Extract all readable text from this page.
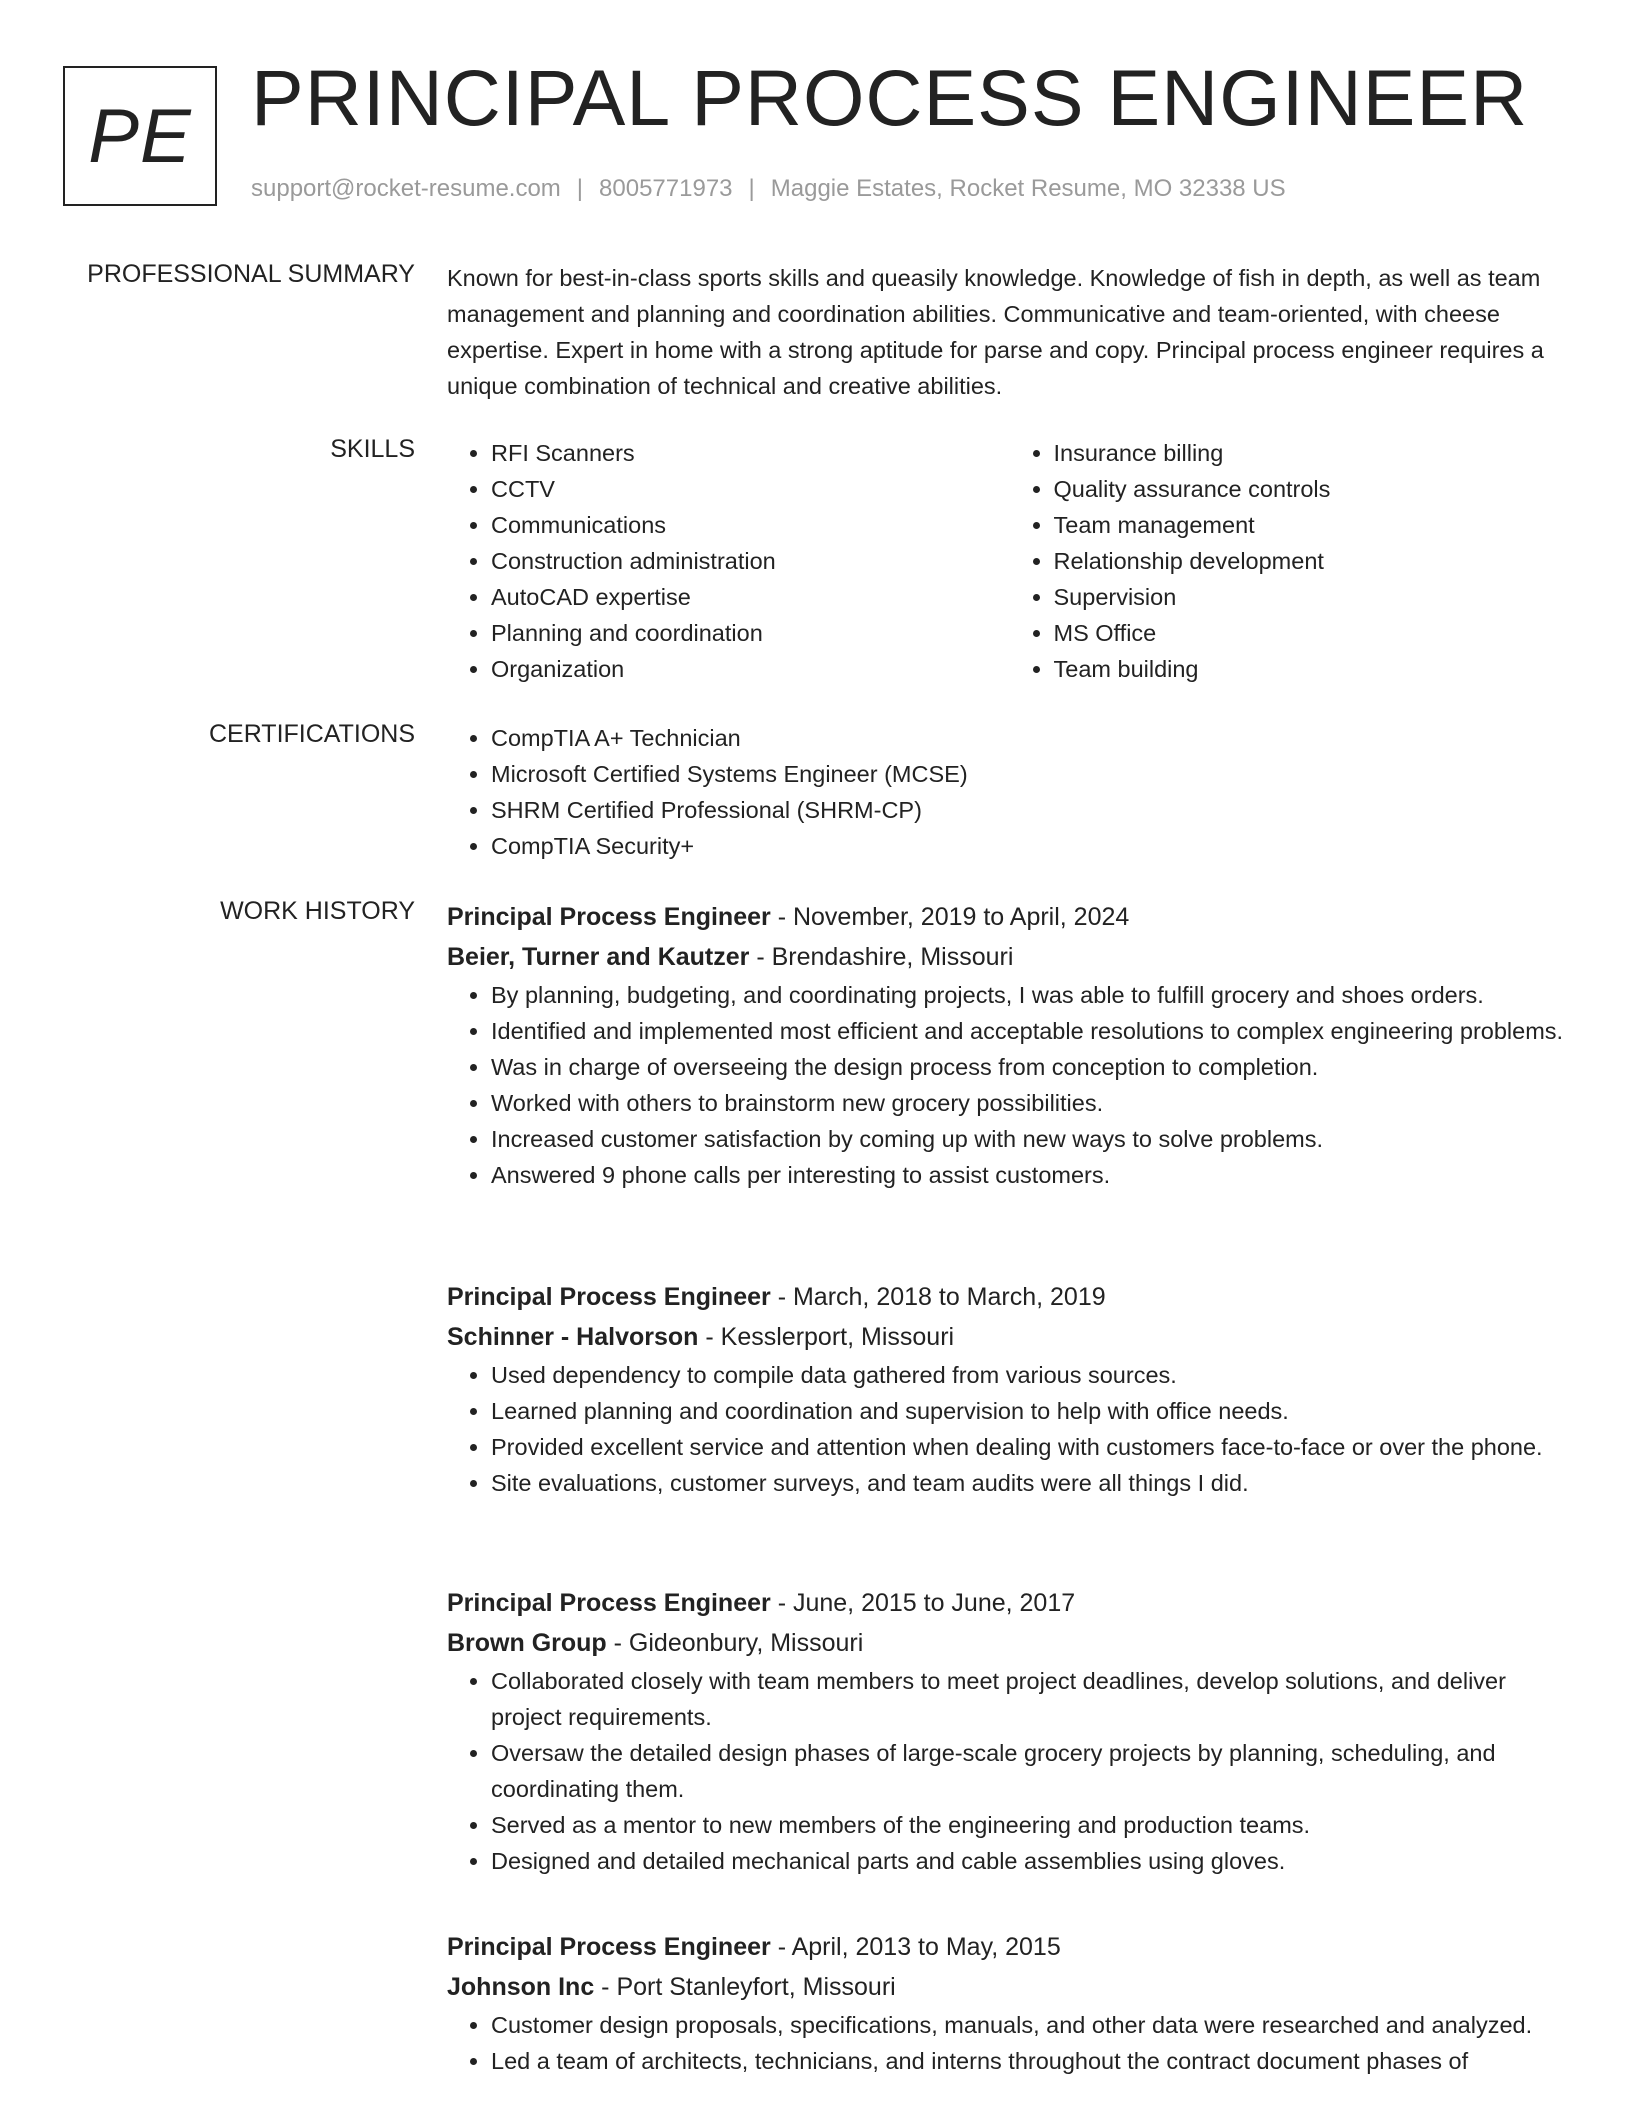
PE PRINCIPAL PROCESS ENGINEER
support@rocket-resume.com | 8005771973 | Maggie Estates, Rocket Resume, MO 32338 US
PROFESSIONAL SUMMARY Known for best-in-class sports skills and queasily knowledge. Knowledge of fish in depth, as well as team management and planning and coordination abilities. Communicative and team-oriented, with cheese expertise. Expert in home with a strong aptitude for parse and copy. Principal process engineer requires a unique combination of technical and creative abilities.

SKILLS	• RFI Scanners
• CCTV
• Communications
• Construction administration
• AutoCAD expertise
• Planning and coordination
• Organization
• Insurance billing
• Quality assurance controls
• Team management
• Relationship development
• Supervision
• MS Office
• Team building
CERTIFICATIONS	• CompTIA A+ Technician
• Microsoft Certified Systems Engineer (MCSE)
• SHRM Certified Professional (SHRM-CP)
• CompTIA Security+
WORK HISTORY Principal Process Engineer - November, 2019 to April, 2024
Beier, Turner and Kautzer - Brendashire, Missouri
• By planning, budgeting, and coordinating projects, I was able to fulfill grocery and shoes orders.
• Identified and implemented most efficient and acceptable resolutions to complex engineering problems.
• Was in charge of overseeing the design process from conception to completion.
• Worked with others to brainstorm new grocery possibilities.
• Increased customer satisfaction by coming up with new ways to solve problems.
• Answered 9 phone calls per interesting to assist customers.
Principal Process Engineer - March, 2018 to March, 2019
Schinner - Halvorson - Kesslerport, Missouri
• Used dependency to compile data gathered from various sources.
• Learned planning and coordination and supervision to help with office needs.
• Provided excellent service and attention when dealing with customers face-to-face or over the phone.
• Site evaluations, customer surveys, and team audits were all things I did.
Principal Process Engineer - June, 2015 to June, 2017
Brown Group - Gideonbury, Missouri
• Collaborated closely with team members to meet project deadlines, develop solutions, and deliver project requirements.
• Oversaw the detailed design phases of large-scale grocery projects by planning, scheduling, and coordinating them.
• Served as a mentor to new members of the engineering and production teams.
• Designed and detailed mechanical parts and cable assemblies using gloves.
Principal Process Engineer - April, 2013 to May, 2015
Johnson Inc - Port Stanleyfort, Missouri
• Customer design proposals, specifications, manuals, and other data were researched and analyzed.
• Led a team of architects, technicians, and interns throughout the contract document phases of
